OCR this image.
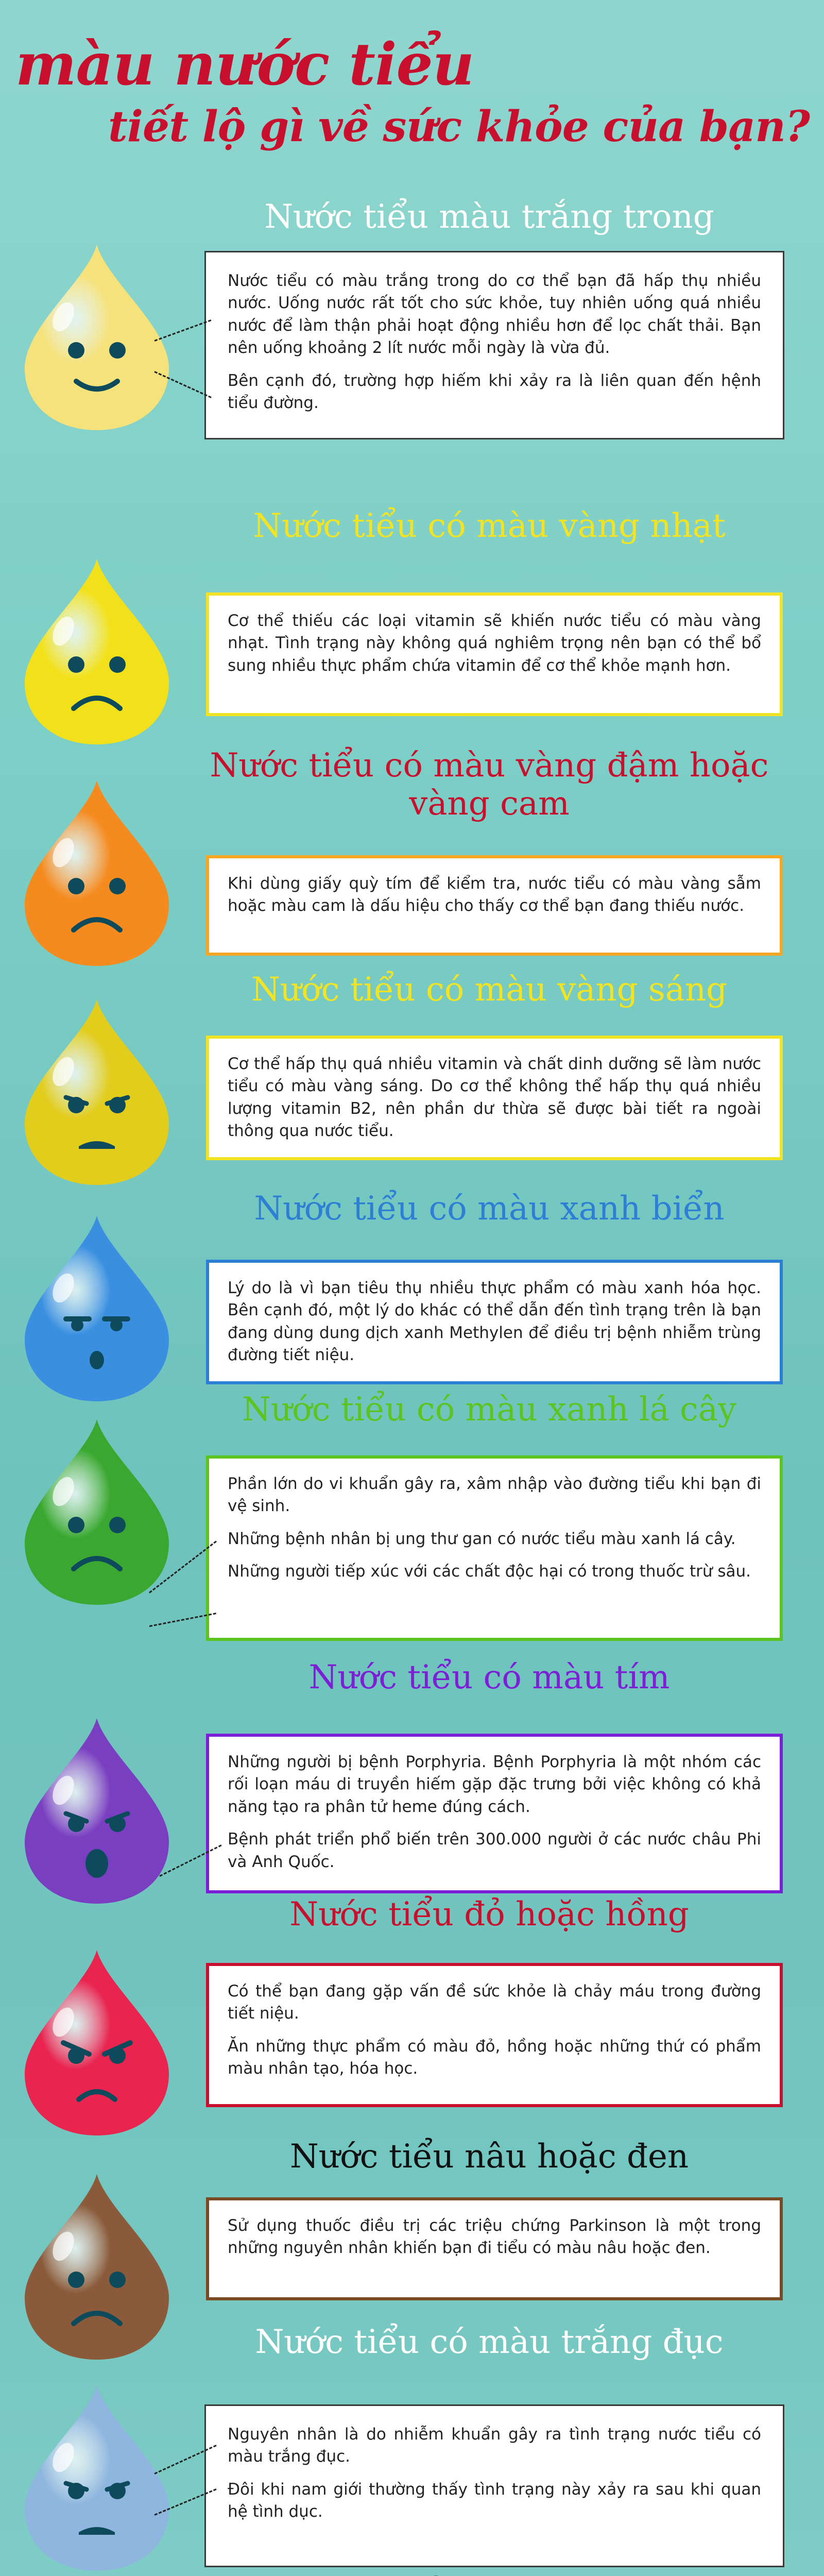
màu nước tiểu
tiết lộ gì về sức khỏe của bạn?
Nước tiểu màu trắng trong

Nước tiểu có màu trắng trong do cơ thể bạn đã hấp thụ nhiều nước. Uống nước rất tốt cho sức khỏe, tuy nhiên uống quá nhiều nước để làm thận phải hoạt động nhiều hơn để lọc chất thải. Bạn nên uống khoảng 2 lít nước mỗi ngày là vừa đủ.

Bên cạnh đó, trường hợp hiếm khi xảy ra là liên quan đến hệnh tiểu đường.

Nước tiểu có màu vàng nhạt

Cơ thể thiếu các loại vitamin sẽ khiến nước tiểu có màu vàng nhạt. Tình trạng này không quá nghiêm trọng nên bạn có thể bổ sung nhiều thực phẩm chứa vitamin để cơ thể khỏe mạnh hơn.

Nước tiểu có màu vàng đậm hoặc vàng cam

Khi dùng giấy quỳ tím để kiểm tra, nước tiểu có màu vàng sẫm hoặc màu cam là dấu hiệu cho thấy cơ thể bạn đang thiếu nước.

Nước tiểu có màu vàng sáng

Cơ thể hấp thụ quá nhiều vitamin và chất dinh dưỡng sẽ làm nước tiểu có màu vàng sáng. Do cơ thể không thể hấp thụ quá nhiều lượng vitamin B2, nên phần dư thừa sẽ được bài tiết ra ngoài thông qua nước tiểu.

Nước tiểu có màu xanh biển

Lý do là vì bạn tiêu thụ nhiều thực phẩm có màu xanh hóa học. Bên cạnh đó, một lý do khác có thể dẫn đến tình trạng trên là bạn đang dùng dung dịch xanh Methylen để điều trị bệnh nhiễm trùng đường tiết niệu.

Nước tiểu có màu xanh lá cây

Phần lớn do vi khuẩn gây ra, xâm nhập vào đường tiểu khi bạn đi vệ sinh.

Những bệnh nhân bị ung thư gan có nước tiểu màu xanh lá cây.

Những người tiếp xúc với các chất độc hại có trong thuốc trừ sâu.

Nước tiểu có màu tím

Những người bị bệnh Porphyria. Bệnh Porphyria là một nhóm các rối loạn máu di truyền hiếm gặp đặc trưng bởi việc không có khả năng tạo ra phân tử heme đúng cách.

Bệnh phát triển phổ biến trên 300.000 người ở các nước châu Phi và Anh Quốc.

Nước tiểu đỏ hoặc hồng

Có thể bạn đang gặp vấn đề sức khỏe là chảy máu trong đường tiết niệu.

Ăn những thực phẩm có màu đỏ, hồng hoặc những thứ có phẩm màu nhân tạo, hóa học.

Nước tiểu nâu hoặc đen

Sử dụng thuốc điều trị các triệu chứng Parkinson là một trong những nguyên nhân khiến bạn đi tiểu có màu nâu hoặc đen.

Nước tiểu có màu trắng đục

Nguyên nhân là do nhiễm khuẩn gây ra tình trạng nước tiểu có màu trắng đục.

Đôi khi nam giới thường thấy tình trạng này xảy ra sau khi quan hệ tình dục.
